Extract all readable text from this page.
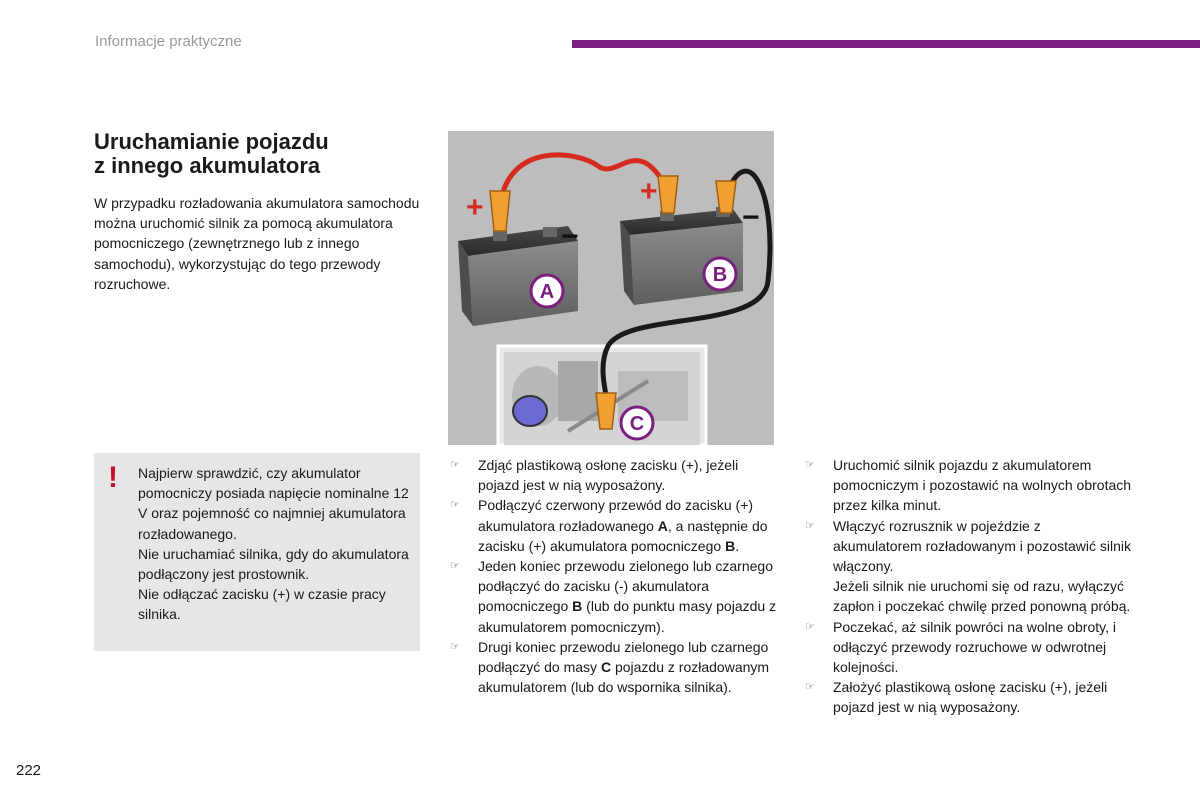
Informacje praktyczne
Uruchamianie pojazdu
z innego akumulatora
W przypadku rozładowania akumulatora samochodu można uruchomić silnik za pomocą akumulatora pomocniczego (zewnętrznego lub z innego samochodu), wykorzystując do tego przewody rozruchowe.
! Najpierw sprawdzić, czy akumulator pomocniczy posiada napięcie nominalne 12 V oraz pojemność co najmniej akumulatora rozładowanego.

Nie uruchamiać silnika, gdy do akumulatora podłączony jest prostownik.

Nie odłączać zacisku (+) w czasie pracy silnika.

+
−
+
−
A
B
C
☞ Zdjąć plastikową osłonę zacisku (+), jeżeli pojazd jest w nią wyposażony.

☞ Podłączyć czerwony przewód do zacisku (+) akumulatora rozładowanego A, a następnie do zacisku (+) akumulatora pomocniczego B.

☞ Jeden koniec przewodu zielonego lub czarnego podłączyć do zacisku (-) akumulatora pomocniczego B (lub do punktu masy pojazdu z akumulatorem pomocniczym).

☞ Drugi koniec przewodu zielonego lub czarnego podłączyć do masy C pojazdu z rozładowanym akumulatorem (lub do wspornika silnika).

☞ Uruchomić silnik pojazdu z akumulatorem pomocniczym i pozostawić na wolnych obrotach przez kilka minut.

☞ Włączyć rozrusznik w pojeździe z akumulatorem rozładowanym i pozostawić silnik włączony.

Jeżeli silnik nie uruchomi się od razu, wyłączyć zapłon i poczekać chwilę przed ponowną próbą.

☞ Poczekać, aż silnik powróci na wolne obroty, i odłączyć przewody rozruchowe w odwrotnej kolejności.

☞ Założyć plastikową osłonę zacisku (+), jeżeli pojazd jest w nią wyposażony.

222
